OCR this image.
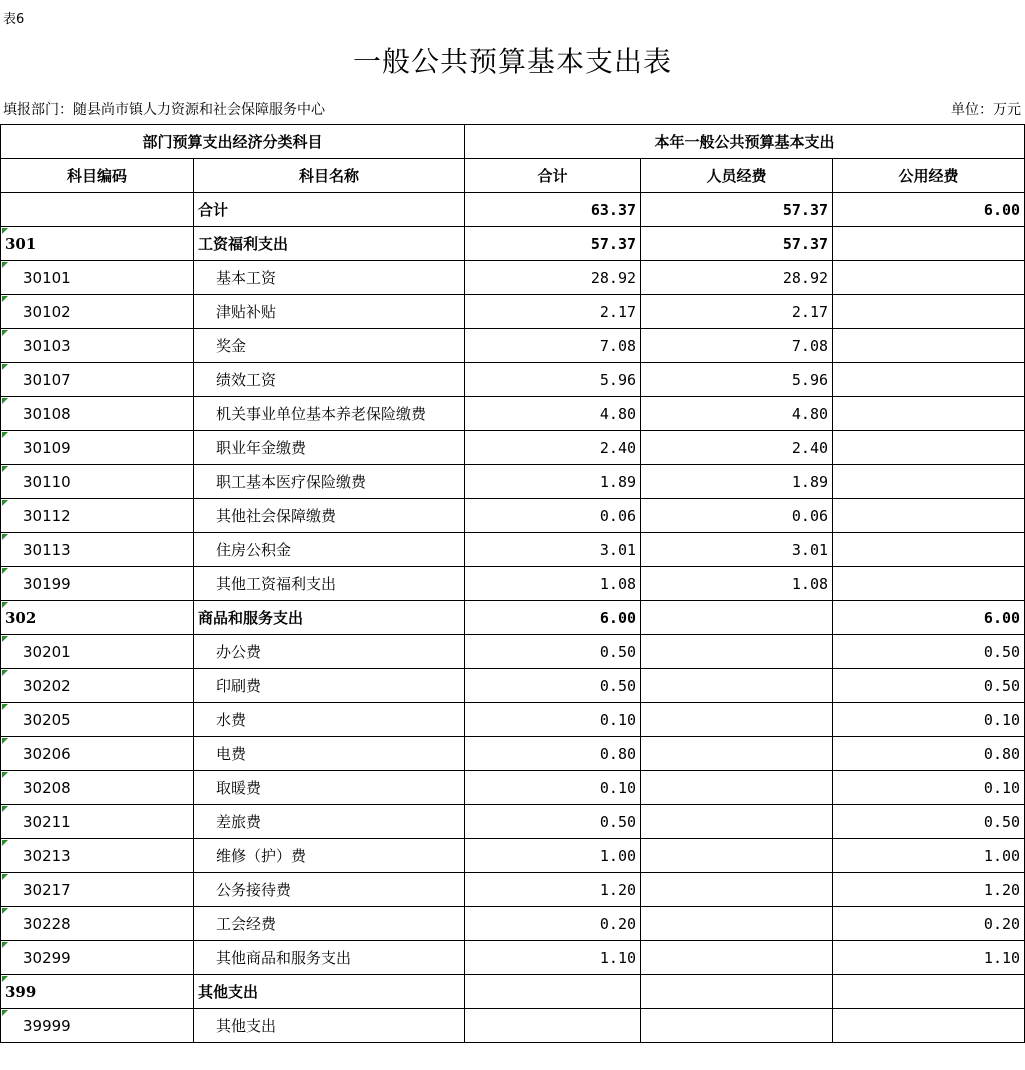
表6
一般公共预算基本支出表
填报部门：随县尚市镇人力资源和社会保障服务中心	单位：万元
部门预算支出经济分类科目		本年一般公共预算基本支出		
科目编码	科目名称	合计	人员经费	公用经费
	合计	63.37	57.37	6.00

301	工资福利支出	57.37	57.37	

30101	基本工资	28.92	28.92	

30102	津贴补贴	2.17	2.17	

30103	奖金	7.08	7.08	

30107	绩效工资	5.96	5.96	

30108	机关事业单位基本养老保险缴费	4.80	4.80	

30109	职业年金缴费	2.40	2.40	

30110	职工基本医疗保险缴费	1.89	1.89	

30112	其他社会保障缴费	0.06	0.06	

30113	住房公积金	3.01	3.01	

30199	其他工资福利支出	1.08	1.08	

302	商品和服务支出	6.00		6.00

30201	办公费	0.50		0.50

30202	印刷费	0.50		0.50

30205	水费	0.10		0.10

30206	电费	0.80		0.80

30208	取暖费	0.10		0.10

30211	差旅费	0.50		0.50

30213	维修（护）费	1.00		1.00

30217	公务接待费	1.20		1.20

30228	工会经费	0.20		0.20

30299	其他商品和服务支出	1.10		1.10

399	其他支出			

39999	其他支出			
